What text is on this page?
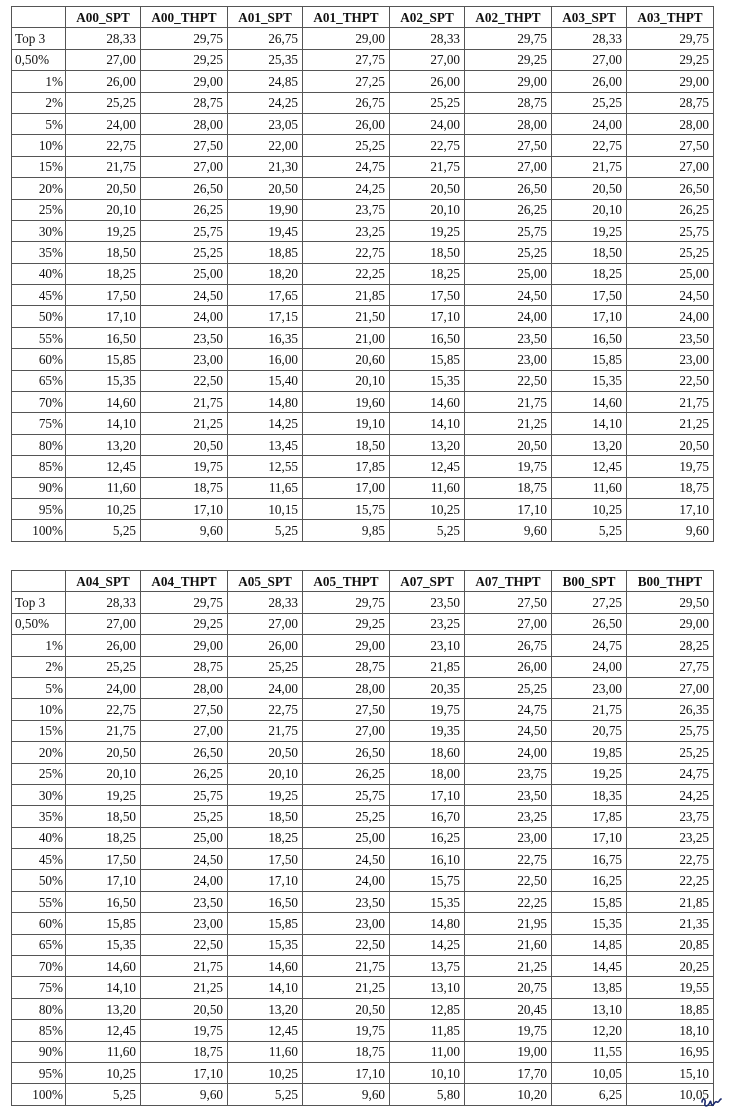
	A00_SPT	A00_THPT	A01_SPT	A01_THPT	A02_SPT	A02_THPT	A03_SPT	A03_THPT
Top 3	28,33	29,75	26,75	29,00	28,33	29,75	28,33	29,75
0,50%	27,00	29,25	25,35	27,75	27,00	29,25	27,00	29,25
1%	26,00	29,00	24,85	27,25	26,00	29,00	26,00	29,00
2%	25,25	28,75	24,25	26,75	25,25	28,75	25,25	28,75
5%	24,00	28,00	23,05	26,00	24,00	28,00	24,00	28,00
10%	22,75	27,50	22,00	25,25	22,75	27,50	22,75	27,50
15%	21,75	27,00	21,30	24,75	21,75	27,00	21,75	27,00
20%	20,50	26,50	20,50	24,25	20,50	26,50	20,50	26,50
25%	20,10	26,25	19,90	23,75	20,10	26,25	20,10	26,25
30%	19,25	25,75	19,45	23,25	19,25	25,75	19,25	25,75
35%	18,50	25,25	18,85	22,75	18,50	25,25	18,50	25,25
40%	18,25	25,00	18,20	22,25	18,25	25,00	18,25	25,00
45%	17,50	24,50	17,65	21,85	17,50	24,50	17,50	24,50
50%	17,10	24,00	17,15	21,50	17,10	24,00	17,10	24,00
55%	16,50	23,50	16,35	21,00	16,50	23,50	16,50	23,50
60%	15,85	23,00	16,00	20,60	15,85	23,00	15,85	23,00
65%	15,35	22,50	15,40	20,10	15,35	22,50	15,35	22,50
70%	14,60	21,75	14,80	19,60	14,60	21,75	14,60	21,75
75%	14,10	21,25	14,25	19,10	14,10	21,25	14,10	21,25
80%	13,20	20,50	13,45	18,50	13,20	20,50	13,20	20,50
85%	12,45	19,75	12,55	17,85	12,45	19,75	12,45	19,75
90%	11,60	18,75	11,65	17,00	11,60	18,75	11,60	18,75
95%	10,25	17,10	10,15	15,75	10,25	17,10	10,25	17,10
100%	5,25	9,60	5,25	9,85	5,25	9,60	5,25	9,60
	A04_SPT	A04_THPT	A05_SPT	A05_THPT	A07_SPT	A07_THPT	B00_SPT	B00_THPT
Top 3	28,33	29,75	28,33	29,75	23,50	27,50	27,25	29,50
0,50%	27,00	29,25	27,00	29,25	23,25	27,00	26,50	29,00
1%	26,00	29,00	26,00	29,00	23,10	26,75	24,75	28,25
2%	25,25	28,75	25,25	28,75	21,85	26,00	24,00	27,75
5%	24,00	28,00	24,00	28,00	20,35	25,25	23,00	27,00
10%	22,75	27,50	22,75	27,50	19,75	24,75	21,75	26,35
15%	21,75	27,00	21,75	27,00	19,35	24,50	20,75	25,75
20%	20,50	26,50	20,50	26,50	18,60	24,00	19,85	25,25
25%	20,10	26,25	20,10	26,25	18,00	23,75	19,25	24,75
30%	19,25	25,75	19,25	25,75	17,10	23,50	18,35	24,25
35%	18,50	25,25	18,50	25,25	16,70	23,25	17,85	23,75
40%	18,25	25,00	18,25	25,00	16,25	23,00	17,10	23,25
45%	17,50	24,50	17,50	24,50	16,10	22,75	16,75	22,75
50%	17,10	24,00	17,10	24,00	15,75	22,50	16,25	22,25
55%	16,50	23,50	16,50	23,50	15,35	22,25	15,85	21,85
60%	15,85	23,00	15,85	23,00	14,80	21,95	15,35	21,35
65%	15,35	22,50	15,35	22,50	14,25	21,60	14,85	20,85
70%	14,60	21,75	14,60	21,75	13,75	21,25	14,45	20,25
75%	14,10	21,25	14,10	21,25	13,10	20,75	13,85	19,55
80%	13,20	20,50	13,20	20,50	12,85	20,45	13,10	18,85
85%	12,45	19,75	12,45	19,75	11,85	19,75	12,20	18,10
90%	11,60	18,75	11,60	18,75	11,00	19,00	11,55	16,95
95%	10,25	17,10	10,25	17,10	10,10	17,70	10,05	15,10
100%	5,25	9,60	5,25	9,60	5,80	10,20	6,25	10,05
